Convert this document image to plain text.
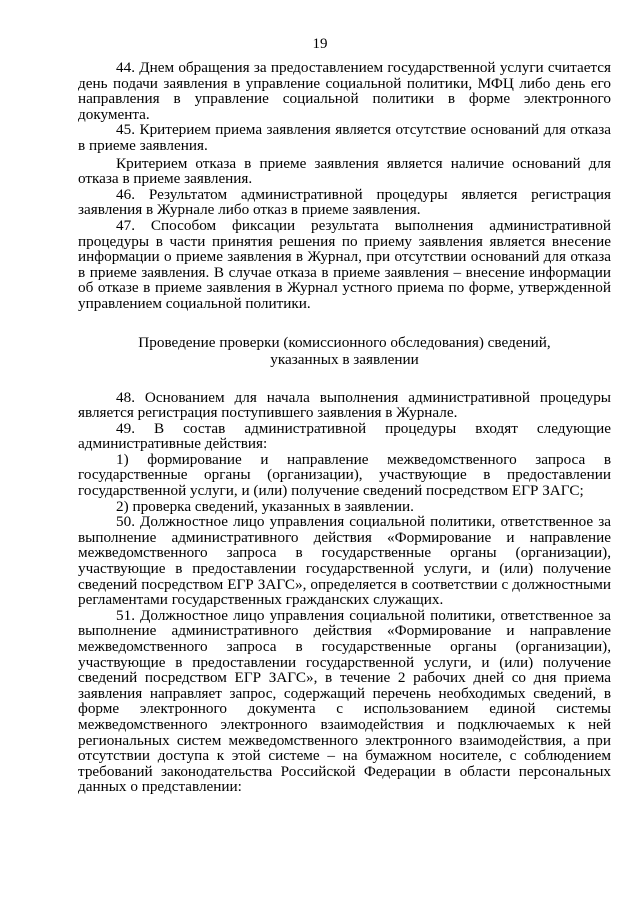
19

44. Днем обращения за предоставлением государственной услуги считается день подачи заявления в управление социальной политики, МФЦ либо день его направления в управление социальной политики в форме электронного документа.

45. Критерием приема заявления является отсутствие оснований для отказа в приеме заявления.

Критерием отказа в приеме заявления является наличие оснований для отказа в приеме заявления.

46. Результатом административной процедуры является регистрация заявления в Журнале либо отказ в приеме заявления.

47. Способом фиксации результата выполнения административной процедуры в части принятия решения по приему заявления является внесение информации о приеме заявления в Журнал, при отсутствии оснований для отказа в приеме заявления. В случае отказа в приеме заявления – внесение информации об отказе в приеме заявления в Журнал устного приема по форме, утвержденной управлением социальной политики.

Проведение проверки (комиссионного обследования) сведений,
указанных в заявлении

48. Основанием для начала выполнения административной процедуры является регистрация поступившего заявления в Журнале.

49. В состав административной процедуры входят следующие административные действия:

1) формирование и направление межведомственного запроса в государственные органы (организации), участвующие в предоставлении государственной услуги, и (или) получение сведений посредством ЕГР ЗАГС;

2) проверка сведений, указанных в заявлении.

50. Должностное лицо управления социальной политики, ответственное за выполнение административного действия «Формирование и направление межведомственного запроса в государственные органы (организации), участвующие в предоставлении государственной услуги, и (или) получение сведений посредством ЕГР ЗАГС», определяется в соответствии с должностными регламентами государственных гражданских служащих.

51. Должностное лицо управления социальной политики, ответственное за выполнение административного действия «Формирование и направление межведомственного запроса в государственные органы (организации), участвующие в предоставлении государственной услуги, и (или) получение сведений посредством ЕГР ЗАГС», в течение 2 рабочих дней со дня приема заявления направляет запрос, содержащий перечень необходимых сведений, в форме электронного документа с использованием единой системы межведомственного электронного взаимодействия и подключаемых к ней региональных систем межведомственного электронного взаимодействия, а при отсутствии доступа к этой системе – на бумажном носителе, с соблюдением требований законодательства Российской Федерации в области персональных данных о представлении:
